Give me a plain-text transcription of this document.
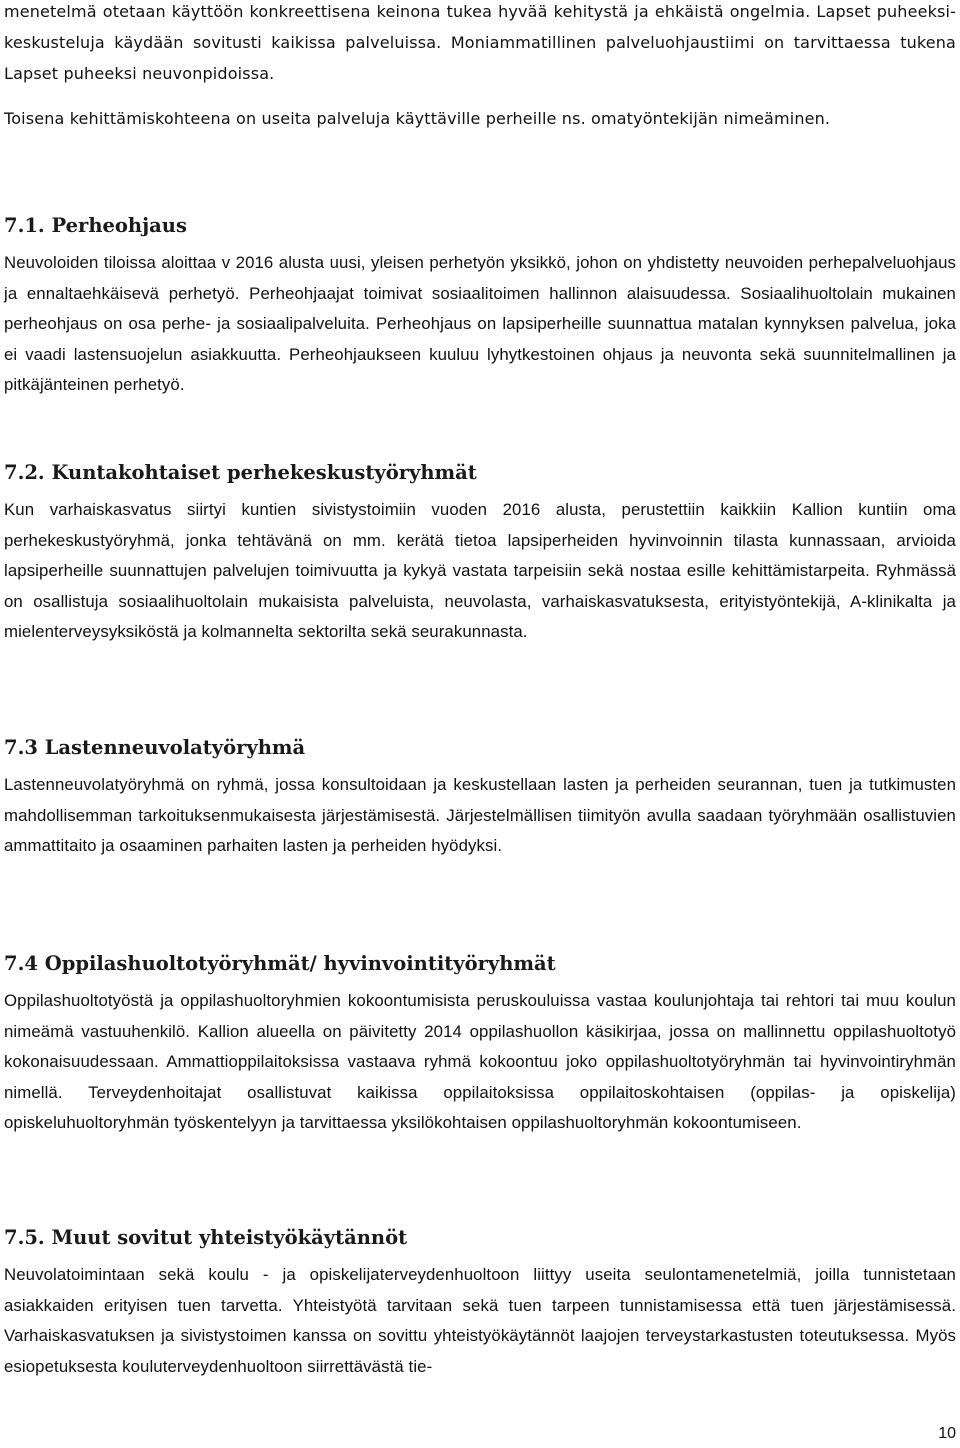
menetelmä otetaan käyttöön konkreettisena keinona tukea hyvää kehitystä ja ehkäistä ongelmia. Lapset puheeksi- keskusteluja käydään sovitusti kaikissa palveluissa. Moniammatillinen palveluohjaustiimi on tarvittaessa tukena Lapset puheeksi neuvonpidoissa.

Toisena kehittämiskohteena on useita palveluja käyttäville perheille ns. omatyöntekijän nimeäminen.

7.1. Perheohjaus

Neuvoloiden tiloissa aloittaa v 2016 alusta uusi, yleisen perhetyön yksikkö, johon on yhdistetty neuvoiden perhepalveluohjaus ja ennaltaehkäisevä perhetyö. Perheohjaajat toimivat sosiaalitoimen hallinnon alaisuudessa. Sosiaalihuoltolain mukainen perheohjaus on osa perhe- ja sosiaalipalveluita. Perheohjaus on lapsiperheille suunnattua matalan kynnyksen palvelua, joka ei vaadi lastensuojelun asiakkuutta. Perheohjaukseen kuuluu lyhytkestoinen ohjaus ja neuvonta sekä suunnitelmallinen ja pitkäjänteinen perhetyö.

7.2. Kuntakohtaiset perhekeskustyöryhmät

Kun varhaiskasvatus siirtyi kuntien sivistystoimiin vuoden 2016 alusta, perustettiin kaikkiin Kallion kuntiin oma perhekeskustyöryhmä, jonka tehtävänä on mm. kerätä tietoa lapsiperheiden hyvinvoinnin tilasta kunnassaan, arvioida lapsiperheille suunnattujen palvelujen toimivuutta ja kykyä vastata tarpeisiin sekä nostaa esille kehittämistarpeita. Ryhmässä on osallistuja sosiaalihuoltolain mukaisista palveluista, neuvolasta, varhaiskasvatuksesta, erityistyöntekijä, A-klinikalta ja mielenterveysyksiköstä ja kolmannelta sektorilta sekä seurakunnasta.

7.3 Lastenneuvolatyöryhmä

Lastenneuvolatyöryhmä on ryhmä, jossa konsultoidaan ja keskustellaan lasten ja perheiden seurannan, tuen ja tutkimusten mahdollisemman tarkoituksenmukaisesta järjestämisestä. Järjestelmällisen tiimityön avulla saadaan työryhmään osallistuvien ammattitaito ja osaaminen parhaiten lasten ja perheiden hyödyksi.

7.4 Oppilashuoltotyöryhmät/ hyvinvointityöryhmät

Oppilashuoltotyöstä ja oppilashuoltoryhmien kokoontumisista peruskouluissa vastaa koulunjohtaja tai rehtori tai muu koulun nimeämä vastuuhenkilö. Kallion alueella on päivitetty 2014 oppilashuollon käsikirjaa, jossa on mallinnettu oppilashuoltotyö kokonaisuudessaan. Ammattioppilaitoksissa vastaava ryhmä kokoontuu joko oppilashuoltotyöryhmän tai hyvinvointiryhmän nimellä. Terveydenhoitajat osallistuvat kaikissa oppilaitoksissa oppilaitoskohtaisen (oppilas- ja opiskelija) opiskeluhuoltoryhmän työskentelyyn ja tarvittaessa yksilökohtaisen oppilashuoltoryhmän kokoontumiseen.

7.5. Muut sovitut yhteistyökäytännöt

Neuvolatoimintaan sekä koulu - ja opiskelijaterveydenhuoltoon liittyy useita seulontamenetelmiä, joilla tunnistetaan asiakkaiden erityisen tuen tarvetta. Yhteistyötä tarvitaan sekä tuen tarpeen tunnistamisessa että tuen järjestämisessä. Varhaiskasvatuksen ja sivistystoimen kanssa on sovittu yhteistyökäytännöt laajojen terveystarkastusten toteutuksessa. Myös esiopetuksesta kouluterveydenhuoltoon siirrettävästä tie-

10
